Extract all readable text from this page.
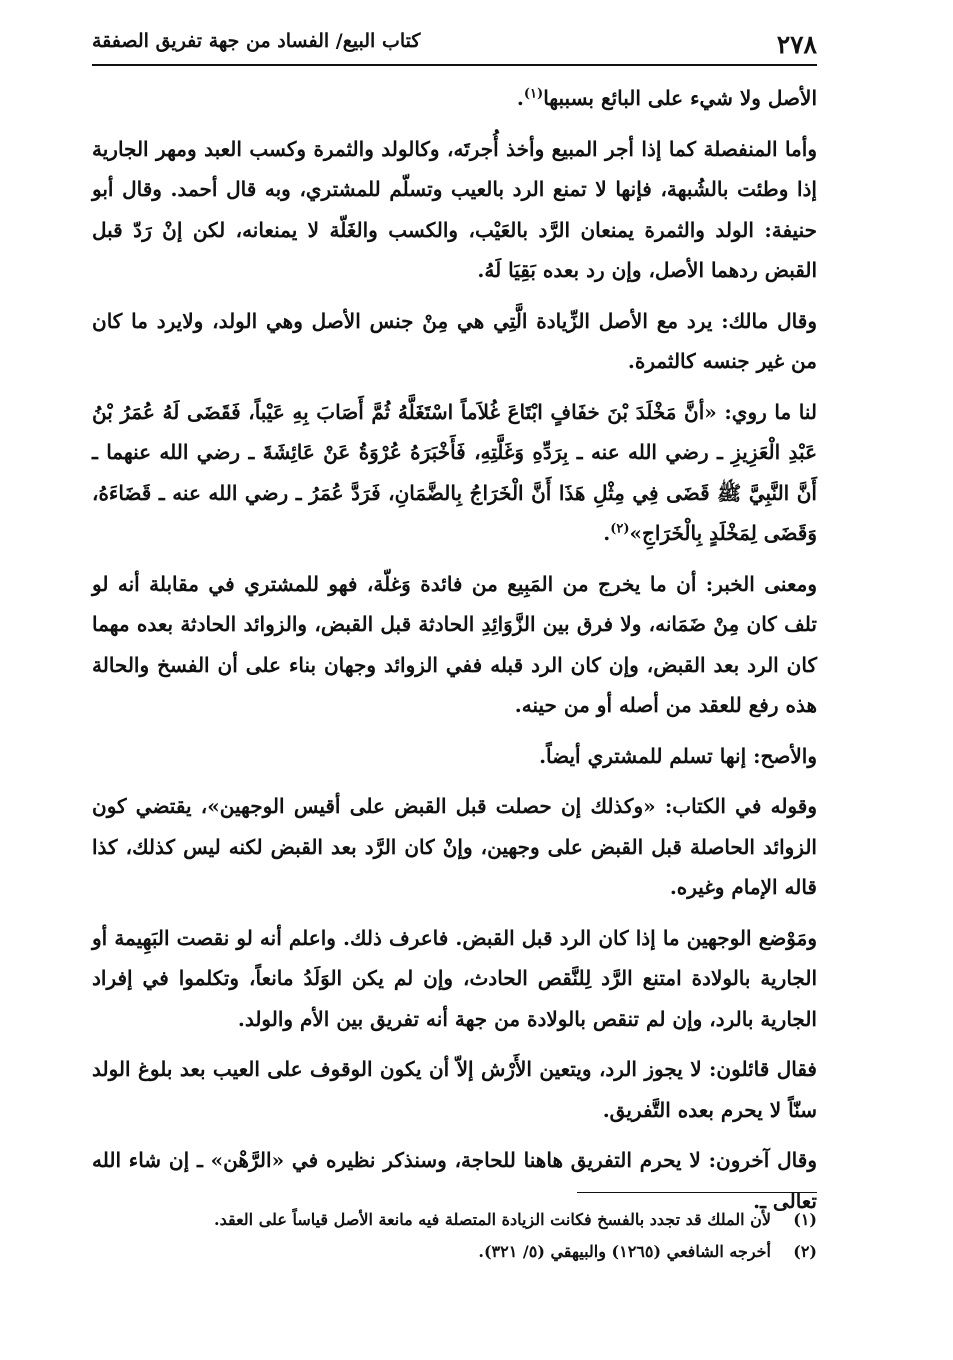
٢٧٨
كتاب البيع/ الفساد من جهة تفريق الصفقة

الأصل ولا شيء على البائع بسببها$^{(١)}$.

وأما المنفصلة كما إذا أجر المبيع وأخذ أُجرتَه، وكالولد والثمرة وكسب العبد ومهر الجارية إذا وطئت بالشُبهة، فإنها لا تمنع الرد بالعيب وتسلّم للمشتري، وبه قال أحمد. وقال أبو حنيفة: الولد والثمرة يمنعان الرَّد بالعَيْب، والكسب والغَلّة لا يمنعانه، لكن إنْ رَدّ قبل القبض ردهما الأصل، وإن رد بعده بَقِيَا لَهُ.

وقال مالك: يرد مع الأصل الزِّيادة الَّتِي هي مِنْ جنس الأصل وهي الولد، ولايرد ما كان من غير جنسه كالثمرة.

لنا ما روي: «أنَّ مَخْلَدَ بْنَ خفَافٍ ابْتَاعَ غُلاَماً اسْتَغَلَّهُ ثُمَّ أَصَابَ بِهِ عَيْباً، فَقَضَى لَهُ عُمَرُ بْنُ عَبْدِ الْعَزِيزِ ـ رضي الله عنه ـ بِرَدِّهِ وَغَلَّتِهِ، فَأَخْبَرَهُ عُرْوَةُ عَنْ عَائِشَةَ ـ رضي الله عنهما ـ أَنَّ النَّبِيَّ ﷺ قَضَى فِي مِثْلِ هَذَا أَنَّ الْخَرَاجُ بِالضَّمَانِ، فَرَدَّ عُمَرُ ـ رضي الله عنه ـ قَضَاءَهُ، وَقَضَى لِمَخْلَدٍ بِالْخَرَاجِ»$^{(٢)}$.

ومعنى الخبر: أن ما يخرج من المَبِيع من فائدة وَغلّة، فهو للمشتري في مقابلة أنه لو تلف كان مِنْ ضَمَانه، ولا فرق بين الزَّوَائِدِ الحادثة قبل القبض، والزوائد الحادثة بعده مهما كان الرد بعد القبض، وإن كان الرد قبله ففي الزوائد وجهان بناء على أن الفسخ والحالة هذه رفع للعقد من أصله أو من حينه.

والأصح: إنها تسلم للمشتري أيضاً.

وقوله في الكتاب: «وكذلك إن حصلت قبل القبض على أقيس الوجهين»، يقتضي كون الزوائد الحاصلة قبل القبض على وجهين، وإنْ كان الرَّد بعد القبض لكنه ليس كذلك، كذا قاله الإمام وغيره.

ومَوْضع الوجهين ما إذا كان الرد قبل القبض. فاعرف ذلك. واعلم أنه لو نقصت البَهِيمة أو الجارية بالولادة امتنع الرَّد لِلنَّقص الحادث، وإن لم يكن الوَلَدُ مانعاً، وتكلموا في إفراد الجارية بالرد، وإن لم تنقص بالولادة من جهة أنه تفريق بين الأم والولد.

فقال قائلون: لا يجوز الرد، ويتعين الأَرْش إلاّ أن يكون الوقوف على العيب بعد بلوغ الولد سنّاً لا يحرم بعده التَّفريق.

وقال آخرون: لا يحرم التفريق هاهنا للحاجة، وسنذكر نظيره في «الرَّهْن» ـ إن شاء الله تعالى ـ.

(١)
لأن الملك قد تجدد بالفسخ فكانت الزيادة المتصلة فيه مانعة الأصل قياساً على العقد.
(٢)
أخرجه الشافعي (١٢٦٥) والبيهقي (٥/ ٣٢١).
